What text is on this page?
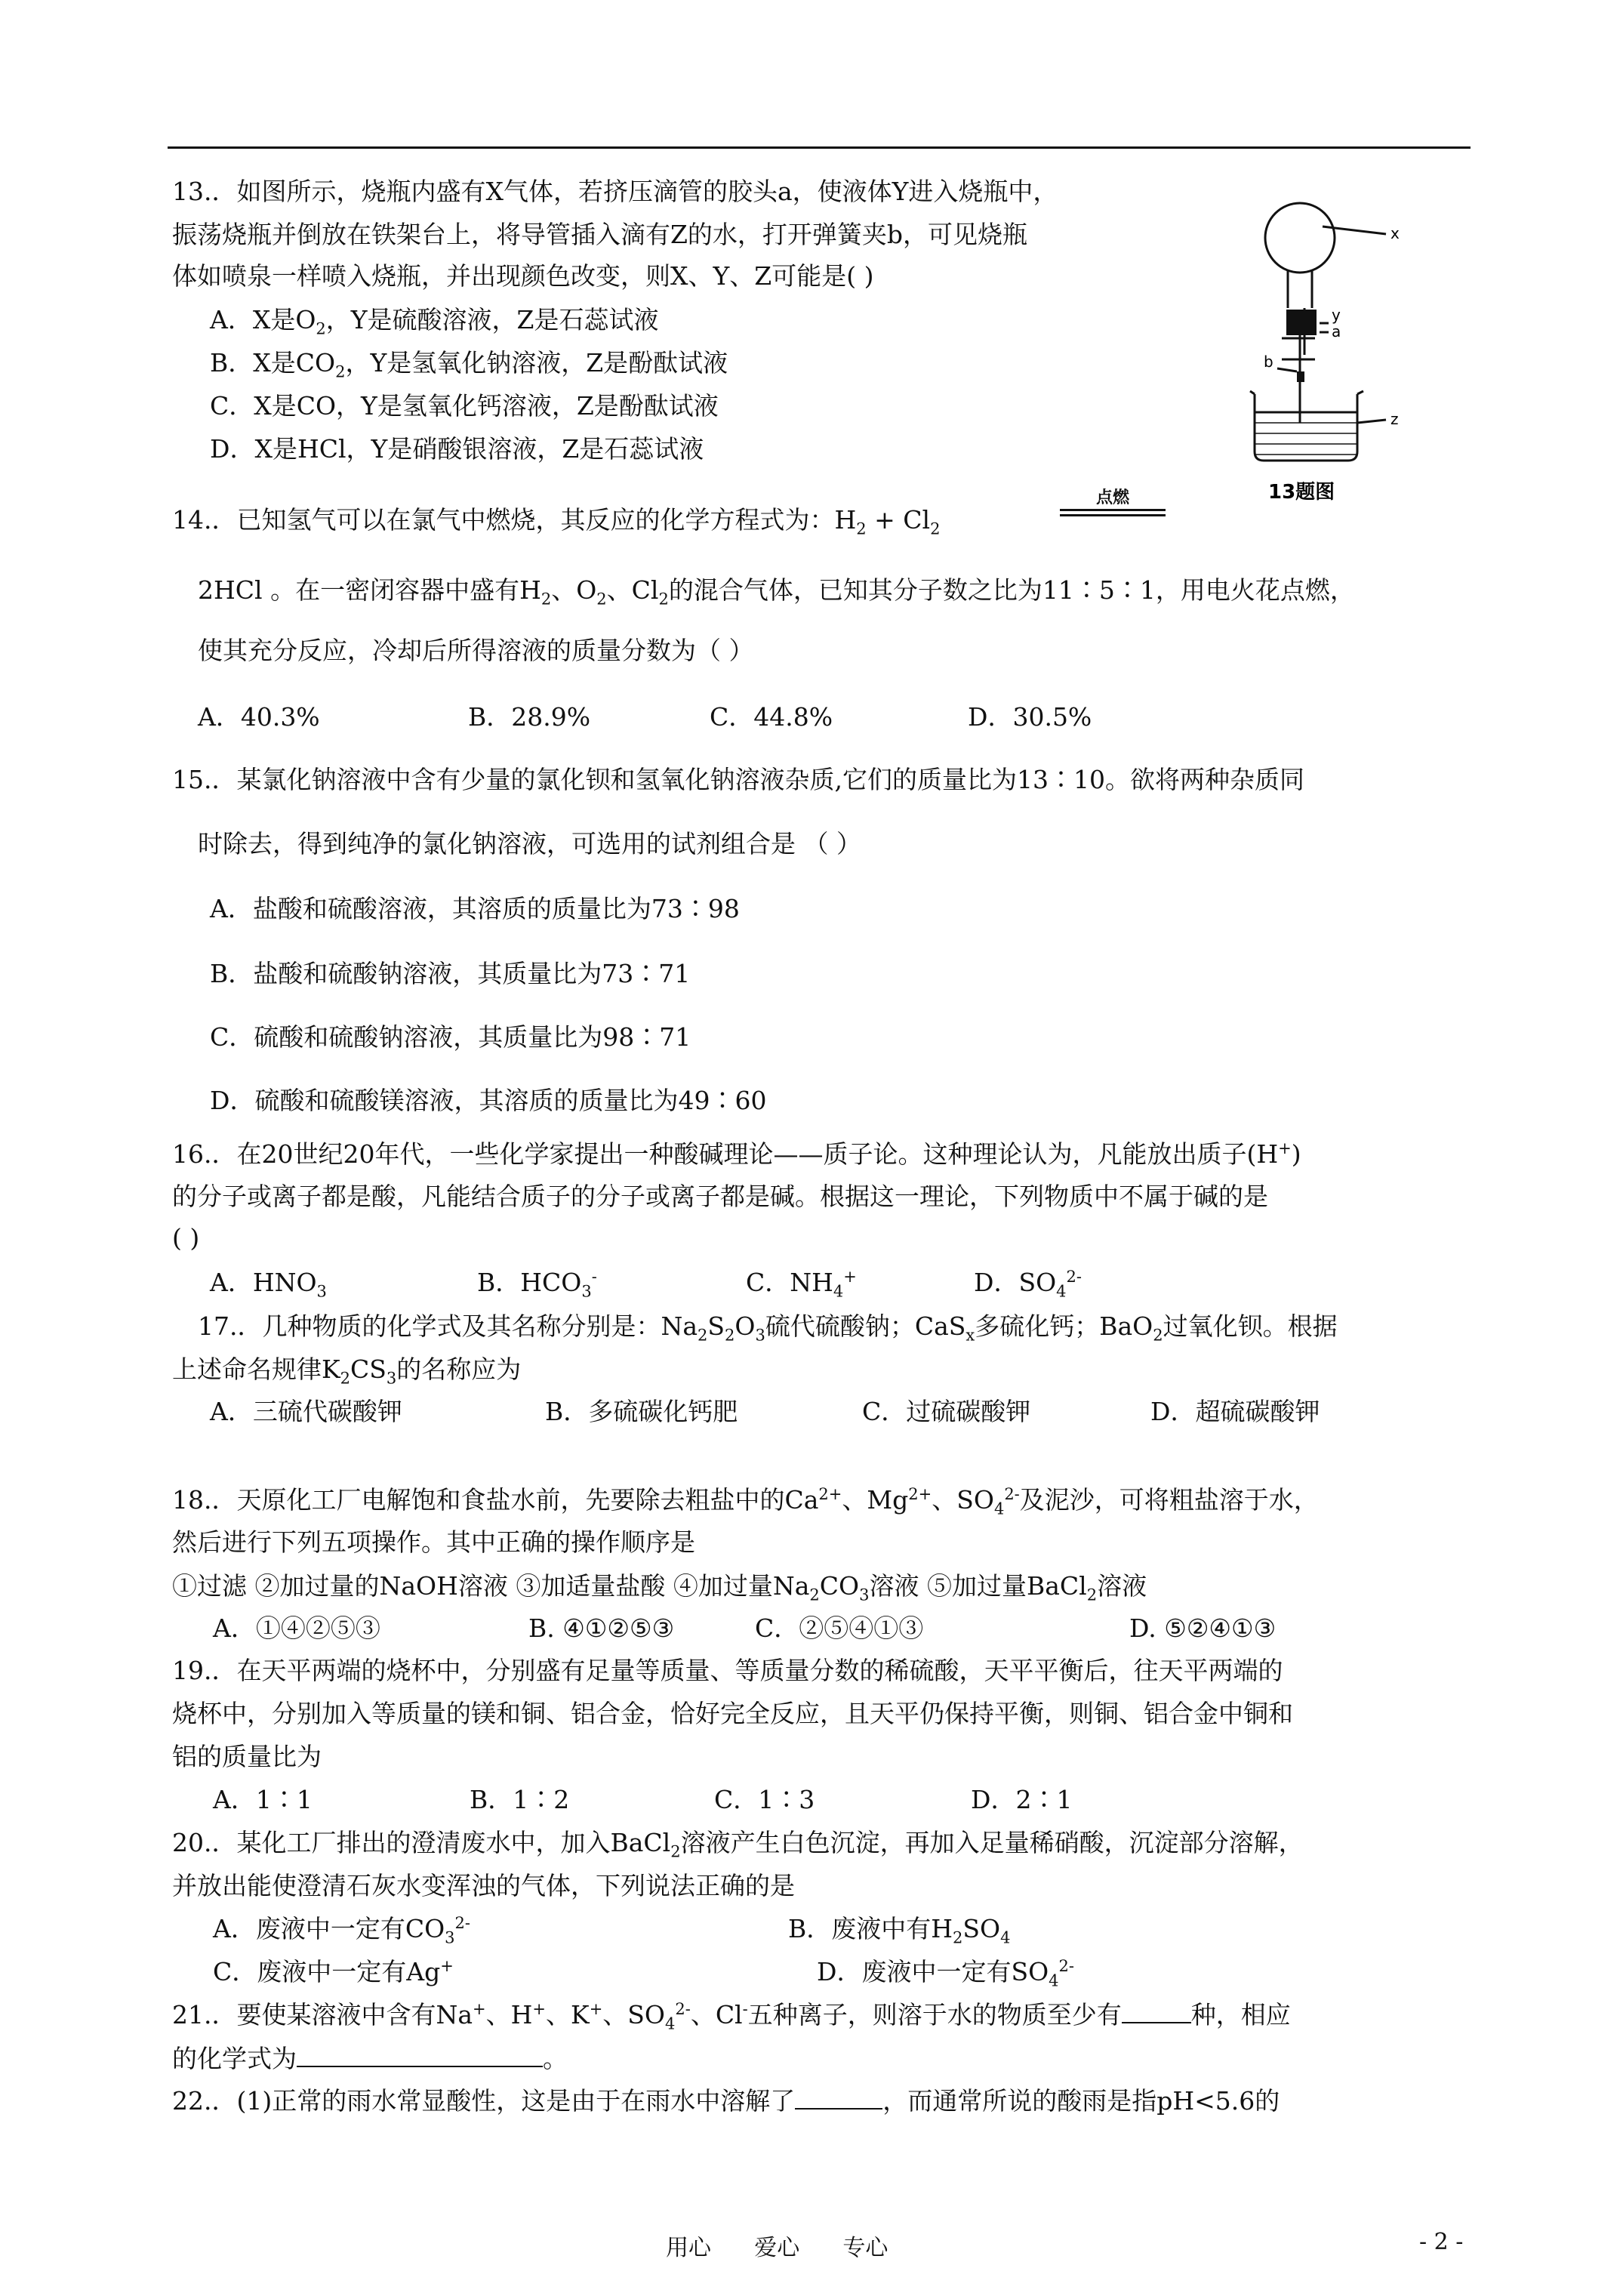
13.．如图所示，烧瓶内盛有X气体，若挤压滴管的胶头a，使液体Y进入烧瓶中，
振荡烧瓶并倒放在铁架台上，将导管插入滴有Z的水，打开弹簧夹b，可见烧瓶
体如喷泉一样喷入烧瓶，并出现颜色改变，则X、Y、Z可能是( )
A．X是$O_2$，Y是硫酸溶液，Z是石蕊试液
B．X是$CO_2$，Y是氢氧化钠溶液，Z是酚酞试液
C．X是CO，Y是氢氧化钙溶液，Z是酚酞试液
D．X是HCl，Y是硝酸银溶液，Z是石蕊试液
x
y
a
b
z
13题图
14.．已知氢气可以在氯气中燃烧，其反应的化学方程式为：$H_2 + Cl_2$
点燃
2HCl 。在一密闭容器中盛有$H_2$、$O_2$、$Cl_2$的混合气体，已知其分子数之比为11∶5∶1，用电火花点燃，
使其充分反应，冷却后所得溶液的质量分数为（ ）
A．40.3%	B．28.9%	C．44.8%	D．30.5%
15.．某氯化钠溶液中含有少量的氯化钡和氢氧化钠溶液杂质,它们的质量比为13∶10。欲将两种杂质同
时除去，得到纯净的氯化钠溶液，可选用的试剂组合是 （ ）
A．盐酸和硫酸溶液，其溶质的质量比为73∶98
B．盐酸和硫酸钠溶液，其质量比为73∶71
C．硫酸和硫酸钠溶液，其质量比为98∶71
D．硫酸和硫酸镁溶液，其溶质的质量比为49∶60
16.．在20世纪20年代，一些化学家提出一种酸碱理论——质子论。这种理论认为，凡能放出质子(H+)
的分子或离子都是酸，凡能结合质子的分子或离子都是碱。根据这一理论，下列物质中不属于碱的是
( )
A．$HNO_3$	B．$HCO_3^-$	C．$NH_4^+$	D．$SO_4^{2-}$
17.．几种物质的化学式及其名称分别是：$Na_2S_2O_3$硫代硫酸钠；CaS$_x$多硫化钙；BaO$_2$过氧化钡。根据
上述命名规律$K_2CS_3$的名称应为
A．三硫代碳酸钾	B．多硫碳化钙肥	C．过硫碳酸钾	D．超硫碳酸钾
18.．天原化工厂电解饱和食盐水前，先要除去粗盐中的$Ca^{2+}$、$Mg^{2+}$、$SO_4^{2-}$及泥沙，可将粗盐溶于水，
然后进行下列五项操作。其中正确的操作顺序是
①过滤 ②加过量的NaOH溶液 ③加适量盐酸 ④加过量$Na_2CO_3$溶液 ⑤加过量BaCl$_2$溶液
A．①④②⑤③	B. ④①②⑤③	C．②⑤④①③	D. ⑤②④①③
19.．在天平两端的烧杯中，分别盛有足量等质量、等质量分数的稀硫酸，天平平衡后，往天平两端的
烧杯中，分别加入等质量的镁和铜、铝合金，恰好完全反应，且天平仍保持平衡，则铜、铝合金中铜和
铝的质量比为
A．1∶1	B．1∶2	C．1∶3	D．2∶1
20.．某化工厂排出的澄清废水中，加入BaCl$_2$溶液产生白色沉淀，再加入足量稀硝酸，沉淀部分溶解，
并放出能使澄清石灰水变浑浊的气体，下列说法正确的是
A．废液中一定有$CO_3^{2-}$	B．废液中有$H_2SO_4$
C．废液中一定有Ag+	D．废液中一定有$SO_4^{2-}$
21.．要使某溶液中含有Na+、H+、K+、$SO_4^{2-}$、Cl-五种离子，则溶于水的物质至少有	种，相应
的化学式为	。
22.．(1)正常的雨水常显酸性，这是由于在雨水中溶解了	，而通常所说的酸雨是指pH<5.6的
用心      爱心      专心	- 2 -
